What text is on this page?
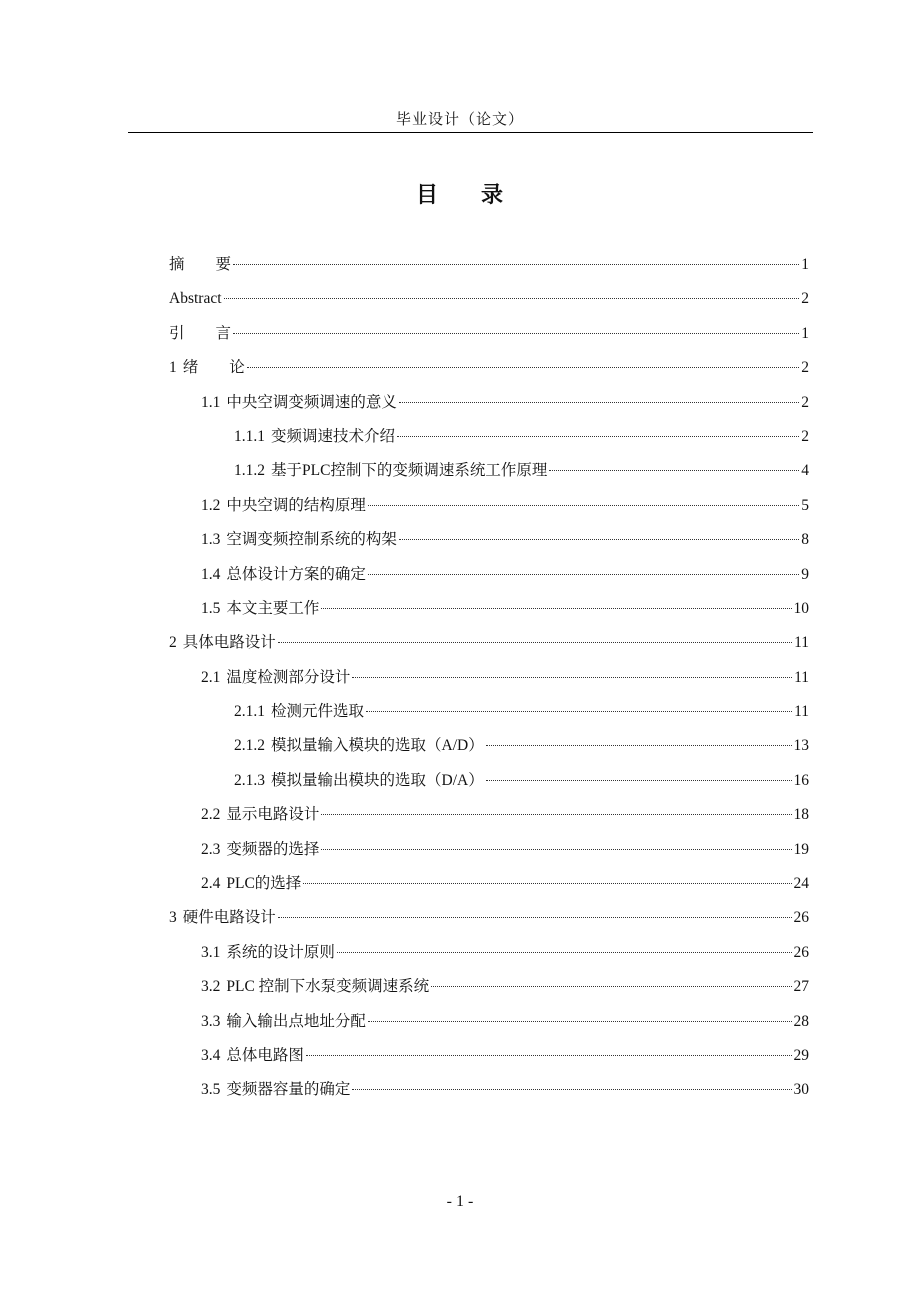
毕业设计（论文）
目 录
摘　　要	1
Abstract	2
引　　言	1
1 绪　　论	2
1.1 中央空调变频调速的意义	2
1.1.1 变频调速技术介绍	2
1.1.2 基于PLC控制下的变频调速系统工作原理	4
1.2 中央空调的结构原理	5
1.3 空调变频控制系统的构架	8
1.4 总体设计方案的确定	9
1.5 本文主要工作	10
2 具体电路设计	11
2.1 温度检测部分设计	11
2.1.1 检测元件选取	11
2.1.2 模拟量输入模块的选取（A/D）	13
2.1.3 模拟量输出模块的选取（D/A）	16
2.2 显示电路设计	18
2.3 变频器的选择	19
2.4 PLC的选择	24
3 硬件电路设计	26
3.1 系统的设计原则	26
3.2 PLC 控制下水泵变频调速系统	27
3.3 输入输出点地址分配	28
3.4 总体电路图	29
3.5 变频器容量的确定	30
- 1 -
